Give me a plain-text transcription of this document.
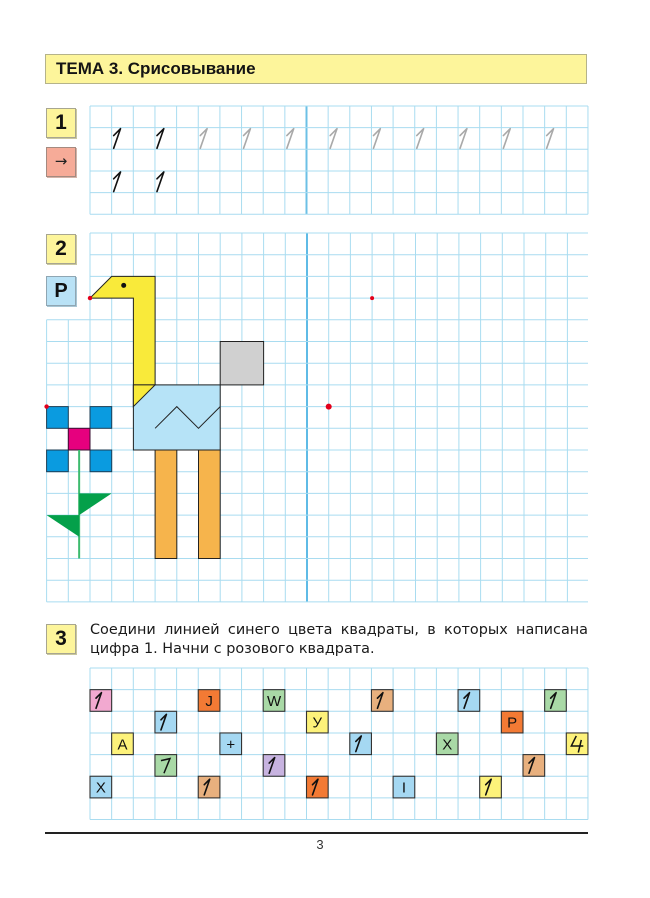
ТЕМА 3. Срисовывание
1
→
2
Р
3	Соедини линией синего цвета квадраты, в которых написана цифра 1. Начни с розового квадрата.
J	W
У	Р
А	+	Х
Х	I
3
